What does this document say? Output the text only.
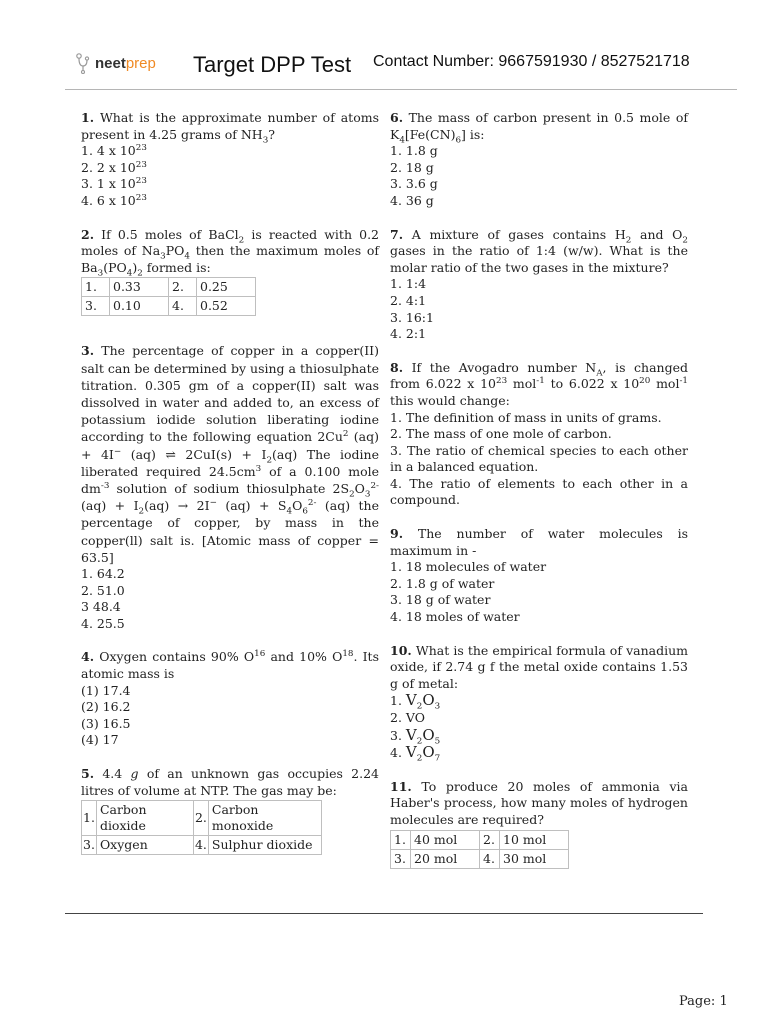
neet prep Target DPP Test Contact Number: 9667591930 / 8527521718
1. What is the approximate number of atoms present in 4.25 grams of $NH_3$?
1. 4 x $10^{23}$
2. 2 x $10^{23}$
3. 1 x $10^{23}$
4. 6 x $10^{23}$
2. If 0.5 moles of BaCl$_2$ is reacted with 0.2 moles of $Na_3PO_4$ then the maximum moles of $Ba_3(PO_4)_2$ formed is:
1.	0.33	2.	0.25
3.	0.10	4.	0.52
3. The percentage of copper in a copper(II) salt can be determined by using a thiosulphate titration. 0.305 gm of a copper(II) salt was dissolved in water and added to, an excess of potassium iodide solution liberating iodine according to the following equation 2Cu$^2$ (aq) + 4I− (aq) ⇌ $2CuI(s) + I_2(aq)$ The iodine liberated required $24.5cm^3$ of a 0.100 mole $dm^{-3}$ solution of sodium thiosulphate $2S_2O_3^{2-}$ $(aq) + I_2(aq) \to 2I^-$ $(aq) + S_4O_6^{2-}$ (aq) the percentage of copper, by mass in the copper(ll) salt is. [Atomic mass of copper = 63.5]
1. 64.2
2. 51.0
3 48.4
4. 25.5
4. Oxygen contains 90% $O^{16}$ and 10% $O^{18}$. Its atomic mass is
(1) 17.4
(2) 16.2
(3) 16.5
(4) 17
5. 4.4 g of an unknown gas occupies 2.24 litres of volume at NTP. The gas may be:
1.	Carbon dioxide	2.	Carbon monoxide
3.	Oxygen	4.	Sulphur dioxide
6. The mass of carbon present in 0.5 mole of $K_4[Fe(CN)_6]$ is:
1. 1.8 g
2. 18 g
3. 3.6 g
4. 36 g
7. A mixture of gases contains $H_2$ and $O_2$ gases in the ratio of 1:4 (w/w). What is the molar ratio of the two gases in the mixture?
1. 1:4
2. 4:1
3. 16:1
4. 2:1
8. If the Avogadro number $N_A$, is changed from 6.022 x $10^{23}$ mol$^{-1}$ to 6.022 x $10^{20}$ mol$^{-1}$ this would change:
1. The definition of mass in units of grams.
2. The mass of one mole of carbon.
3. The ratio of chemical species to each other in a balanced equation.
4. The ratio of elements to each other in a compound.
9. The number of water molecules is maximum in -
1. 18 molecules of water
2. 1.8 g of water
3. 18 g of water
4. 18 moles of water
10. What is the empirical formula of vanadium oxide, if 2.74 g f the metal oxide contains 1.53 g of metal:
1. $V_2O_3$
2. VO
3. $V_2O_5$
4. $V_2O_7$
11. To produce 20 moles of ammonia via Haber's process, how many moles of hydrogen molecules are required?
1.	40 mol	2.	10 mol
3.	20 mol	4.	30 mol
Page: 1
